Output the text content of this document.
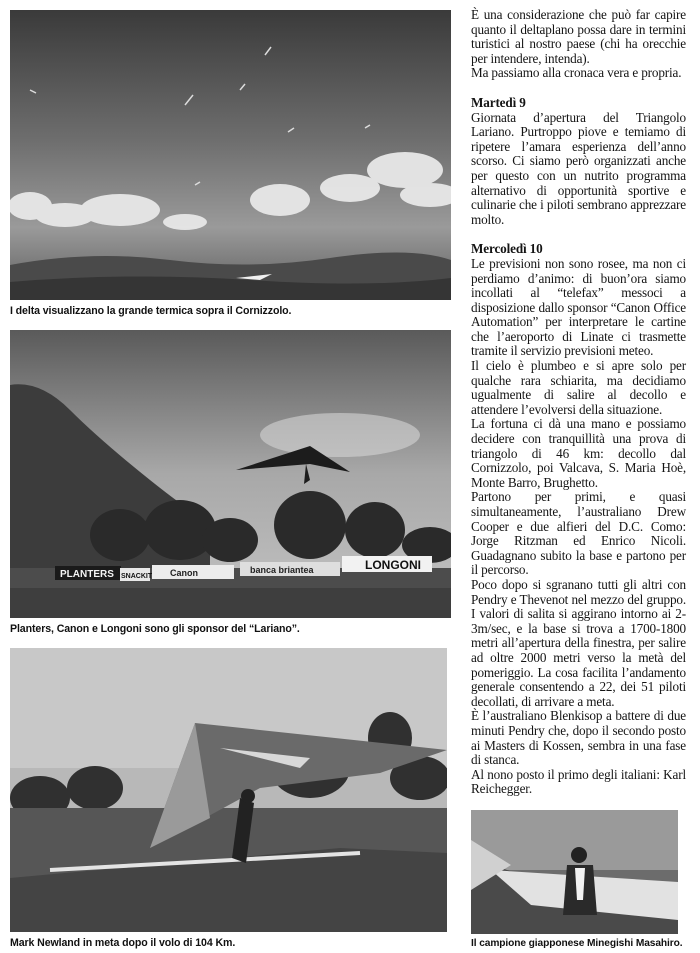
I delta visualizzano la grande termica sopra il Cornizzolo.
PLANTERS SNACKIT Canon	banca briantea	LONGONI
Planters, Canon e Longoni sono gli sponsor del “Lariano”.
Mark Newland in meta dopo il volo di 104 Km.	Il campione giapponese Minegishi Masahiro.

È una considerazione che può far capire quanto il deltaplano possa dare in termini turistici al nostro paese (chi ha orecchie per intendere, intenda).

Ma passiamo alla cronaca vera e propria.

Martedì 9

Giornata d’apertura del Triangolo Lariano. Purtroppo piove e temiamo di ripetere l’amara esperienza dell’anno scorso. Ci siamo però organizzati anche per questo con un nutrito programma alternativo di opportunità sportive e culinarie che i piloti sembrano apprezzare molto.

Mercoledì 10

Le previsioni non sono rosee, ma non ci perdiamo d’animo: di buon’ora siamo incollati al “telefax” messoci a disposizione dallo sponsor “Canon Office Automation” per interpretare le cartine che l’aeroporto di Linate ci trasmette tramite il servizio previsioni meteo.

Il cielo è plumbeo e si apre solo per qualche rara schiarita, ma decidiamo ugualmente di salire al decollo e attendere l’evolversi della situazione.

La fortuna ci dà una mano e possiamo decidere con tranquillità una prova di triangolo di 46 km: decollo dal Cornizzolo, poi Valcava, S. Maria Hoè, Monte Barro, Brughetto.

Partono per primi, e quasi simultaneamente, l’australiano Drew Cooper e due alfieri del D.C. Como: Jorge Ritzman ed Enrico Nicoli. Guadagnano subito la base e partono per il percorso.

Poco dopo si sgranano tutti gli altri con Pendry e Thevenot nel mezzo del gruppo. I valori di salita si aggirano intorno ai 2-3m/sec, e la base si trova a 1700-1800 metri all’apertura della finestra, per salire ad oltre 2000 metri verso la metà del pomeriggio. La cosa facilita l’andamento generale consentendo a 22, dei 51 piloti decollati, di arrivare a meta.

È l’australiano Blenkisop a battere di due minuti Pendry che, dopo il secondo posto ai Masters di Kossen, sembra in una fase di stanca.

Al nono posto il primo degli italiani: Karl Reichegger.
